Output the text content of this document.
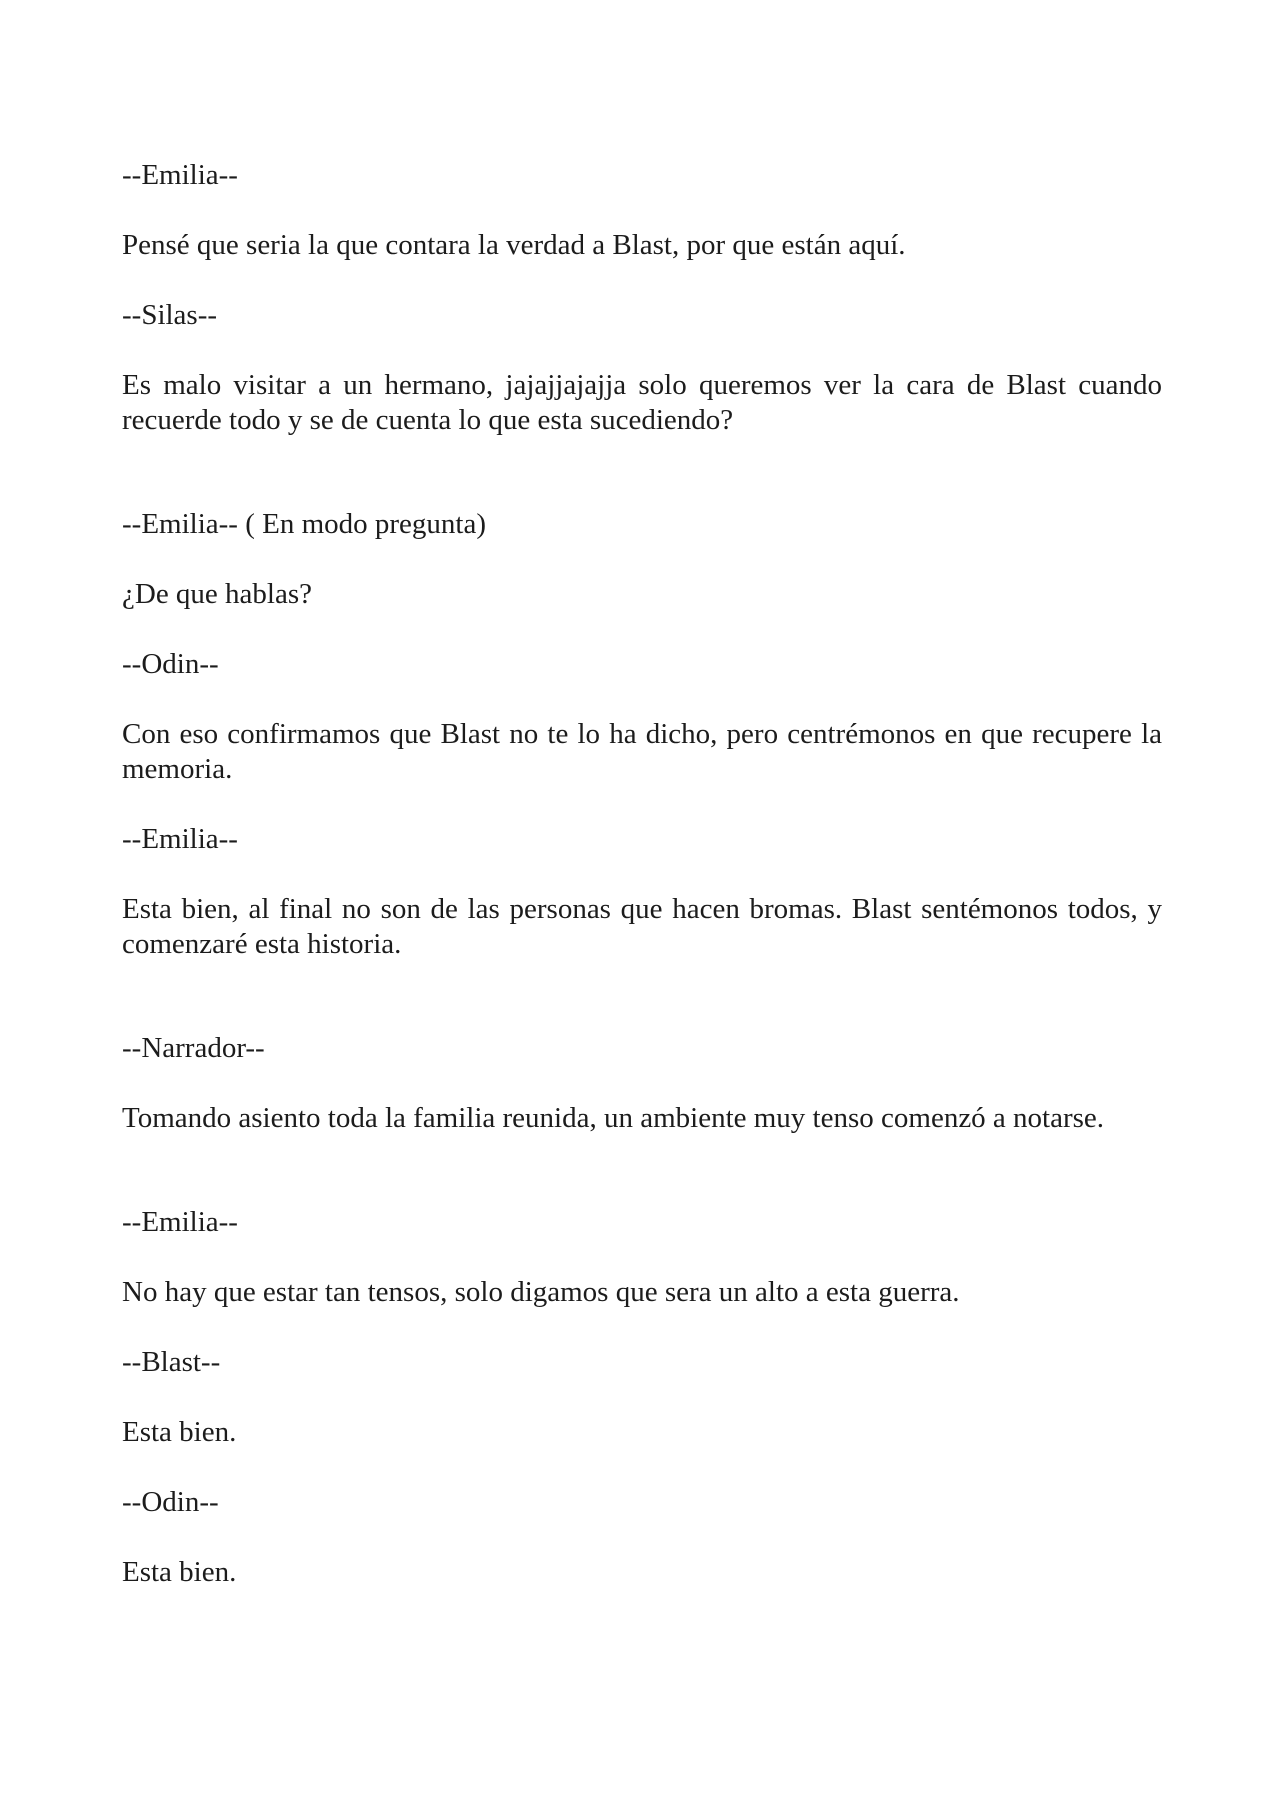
--Emilia--

Pensé que seria la que contara la verdad a Blast, por que están aquí.

--Silas--

Es malo visitar a un hermano, jajajjajajja solo queremos ver la cara de Blast cuando recuerde todo y se de cuenta lo que esta sucediendo?

--Emilia-- ( En modo pregunta)

¿De que hablas?

--Odin--

Con eso confirmamos que Blast no te lo ha dicho, pero centrémonos en que recupere la memoria.

--Emilia--

Esta bien, al final no son de las personas que hacen bromas. Blast sentémonos todos, y comenzaré esta historia.

--Narrador--

Tomando asiento toda la familia reunida, un ambiente muy tenso comenzó a notarse.

--Emilia--

No hay que estar tan tensos, solo digamos que sera un alto a esta guerra.

--Blast--

Esta bien.

--Odin--

Esta bien.
